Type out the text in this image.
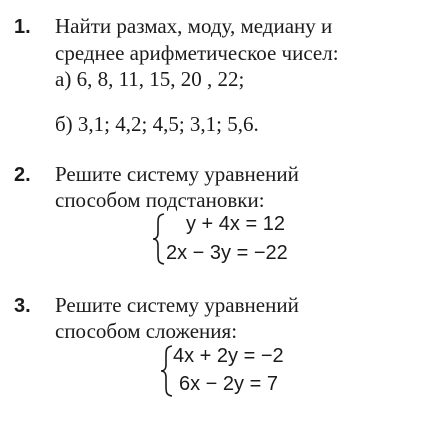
1. Найти размах, моду, медиану и
среднее арифметическое чисел:
а) 6, 8, 11, 15, 20 , 22;
б) 3,1; 4,2; 4,5; 3,1; 5,6.
2. Решите систему уравнений
способом подстановки:
y + 4x = 12
2x − 3y = −22
3. Решите систему уравнений
способом сложения:
4x + 2y = −2
6x − 2y = 7
